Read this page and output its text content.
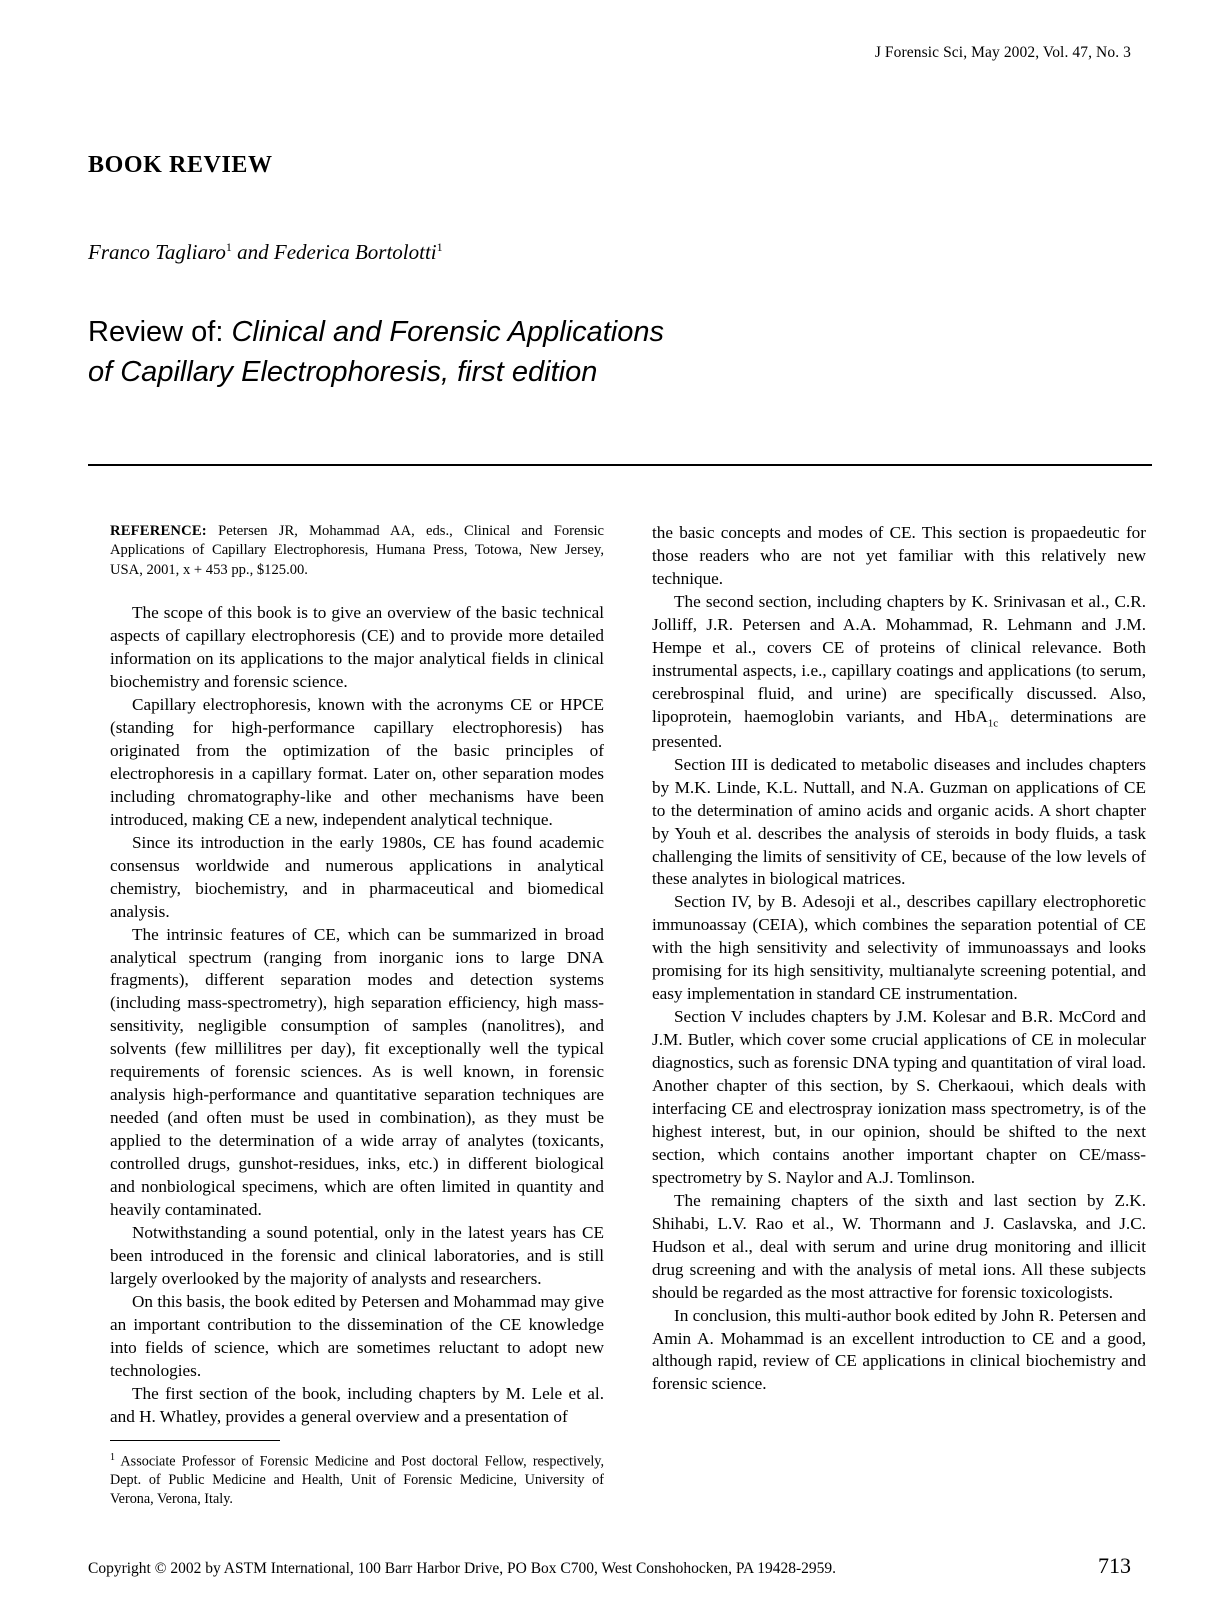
J Forensic Sci, May 2002, Vol. 47, No. 3
BOOK REVIEW
Franco Tagliaro$^1$ and Federica Bortolotti$^1$
Review of: Clinical and Forensic Applications
of Capillary Electrophoresis, first edition

REFERENCE: Petersen JR, Mohammad AA, eds., Clinical and Forensic Applications of Capillary Electrophoresis, Humana Press, Totowa, New Jersey, USA, 2001, x + 453 pp., $125.00.

The scope of this book is to give an overview of the basic technical aspects of capillary electrophoresis (CE) and to provide more detailed information on its applications to the major analytical fields in clinical biochemistry and forensic science.

Capillary electrophoresis, known with the acronyms CE or HPCE (standing for high-performance capillary electrophoresis) has originated from the optimization of the basic principles of electrophoresis in a capillary format. Later on, other separation modes including chromatography-like and other mechanisms have been introduced, making CE a new, independent analytical technique.

Since its introduction in the early 1980s, CE has found academic consensus worldwide and numerous applications in analytical chemistry, biochemistry, and in pharmaceutical and biomedical analysis.

The intrinsic features of CE, which can be summarized in broad analytical spectrum (ranging from inorganic ions to large DNA fragments), different separation modes and detection systems (including mass-spectrometry), high separation efficiency, high mass-sensitivity, negligible consumption of samples (nanolitres), and solvents (few millilitres per day), fit exceptionally well the typical requirements of forensic sciences. As is well known, in forensic analysis high-performance and quantitative separation techniques are needed (and often must be used in combination), as they must be applied to the determination of a wide array of analytes (toxicants, controlled drugs, gunshot-residues, inks, etc.) in different biological and nonbiological specimens, which are often limited in quantity and heavily contaminated.

Notwithstanding a sound potential, only in the latest years has CE been introduced in the forensic and clinical laboratories, and is still largely overlooked by the majority of analysts and researchers.

On this basis, the book edited by Petersen and Mohammad may give an important contribution to the dissemination of the CE knowledge into fields of science, which are sometimes reluctant to adopt new technologies.

The first section of the book, including chapters by M. Lele et al. and H. Whatley, provides a general overview and a presentation of

the basic concepts and modes of CE. This section is propaedeutic for those readers who are not yet familiar with this relatively new technique.

The second section, including chapters by K. Srinivasan et al., C.R. Jolliff, J.R. Petersen and A.A. Mohammad, R. Lehmann and J.M. Hempe et al., covers CE of proteins of clinical relevance. Both instrumental aspects, i.e., capillary coatings and applications (to serum, cerebrospinal fluid, and urine) are specifically discussed. Also, lipoprotein, haemoglobin variants, and HbA$_{1c}$ determinations are presented.

Section III is dedicated to metabolic diseases and includes chapters by M.K. Linde, K.L. Nuttall, and N.A. Guzman on applications of CE to the determination of amino acids and organic acids. A short chapter by Youh et al. describes the analysis of steroids in body fluids, a task challenging the limits of sensitivity of CE, because of the low levels of these analytes in biological matrices.

Section IV, by B. Adesoji et al., describes capillary electrophoretic immunoassay (CEIA), which combines the separation potential of CE with the high sensitivity and selectivity of immunoassays and looks promising for its high sensitivity, multianalyte screening potential, and easy implementation in standard CE instrumentation.

Section V includes chapters by J.M. Kolesar and B.R. McCord and J.M. Butler, which cover some crucial applications of CE in molecular diagnostics, such as forensic DNA typing and quantitation of viral load. Another chapter of this section, by S. Cherkaoui, which deals with interfacing CE and electrospray ionization mass spectrometry, is of the highest interest, but, in our opinion, should be shifted to the next section, which contains another important chapter on CE/mass-spectrometry by S. Naylor and A.J. Tomlinson.

The remaining chapters of the sixth and last section by Z.K. Shihabi, L.V. Rao et al., W. Thormann and J. Caslavska, and J.C. Hudson et al., deal with serum and urine drug monitoring and illicit drug screening and with the analysis of metal ions. All these subjects should be regarded as the most attractive for forensic toxicologists.

In conclusion, this multi-author book edited by John R. Petersen and Amin A. Mohammad is an excellent introduction to CE and a good, although rapid, review of CE applications in clinical biochemistry and forensic science.

$^1$ Associate Professor of Forensic Medicine and Post doctoral Fellow, respectively, Dept. of Public Medicine and Health, Unit of Forensic Medicine, University of Verona, Verona, Italy.

Copyright © 2002 by ASTM International, 100 Barr Harbor Drive, PO Box C700, West Conshohocken, PA 19428-2959.	713
